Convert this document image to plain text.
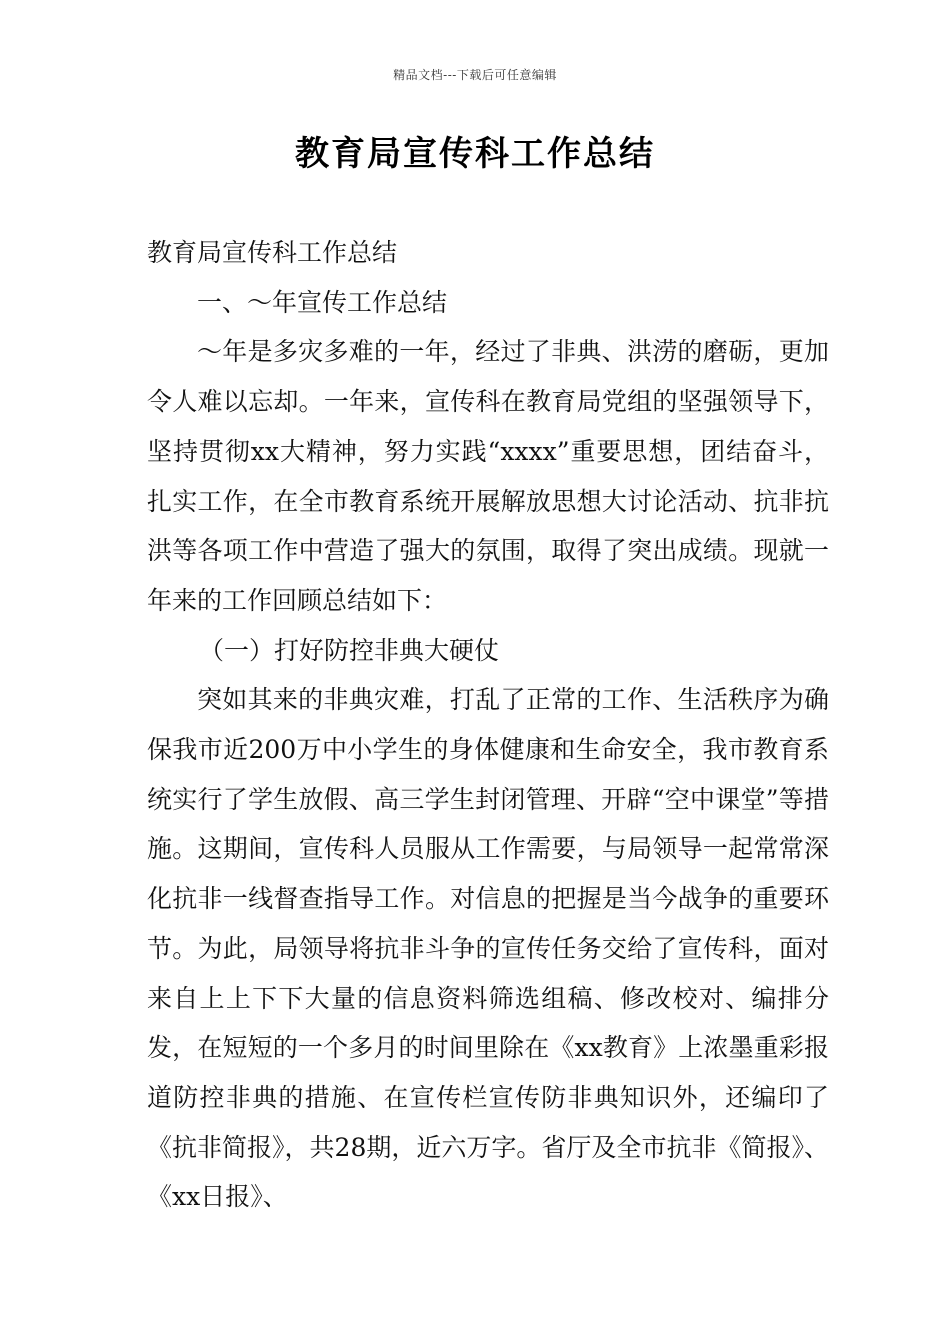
精品文档---下载后可任意编辑
教育局宣传科工作总结

教育局宣传科工作总结

一、～年宣传工作总结

～年是多灾多难的一年，经过了非典、洪涝的磨砺，更加令人难以忘却。一年来，宣传科在教育局党组的坚强领导下，坚持贯彻xx大精神，努力实践“xxxx”重要思想，团结奋斗，扎实工作，在全市教育系统开展解放思想大讨论活动、抗非抗洪等各项工作中营造了强大的氛围，取得了突出成绩。现就一年来的工作回顾总结如下：

（一）打好防控非典大硬仗

突如其来的非典灾难，打乱了正常的工作、生活秩序为确保我市近200万中小学生的身体健康和生命安全，我市教育系统实行了学生放假、高三学生封闭管理、开辟“空中课堂”等措施。这期间，宣传科人员服从工作需要，与局领导一起常常深化抗非一线督查指导工作。对信息的把握是当今战争的重要环节。为此，局领导将抗非斗争的宣传任务交给了宣传科，面对来自上上下下大量的信息资料筛选组稿、修改校对、编排分发，在短短的一个多月的时间里除在《xx教育》上浓墨重彩报道防控非典的措施、在宣传栏宣传防非典知识外，还编印了《抗非简报》，共28期，近六万字。省厅及全市抗非《简报》、《xx日报》、
